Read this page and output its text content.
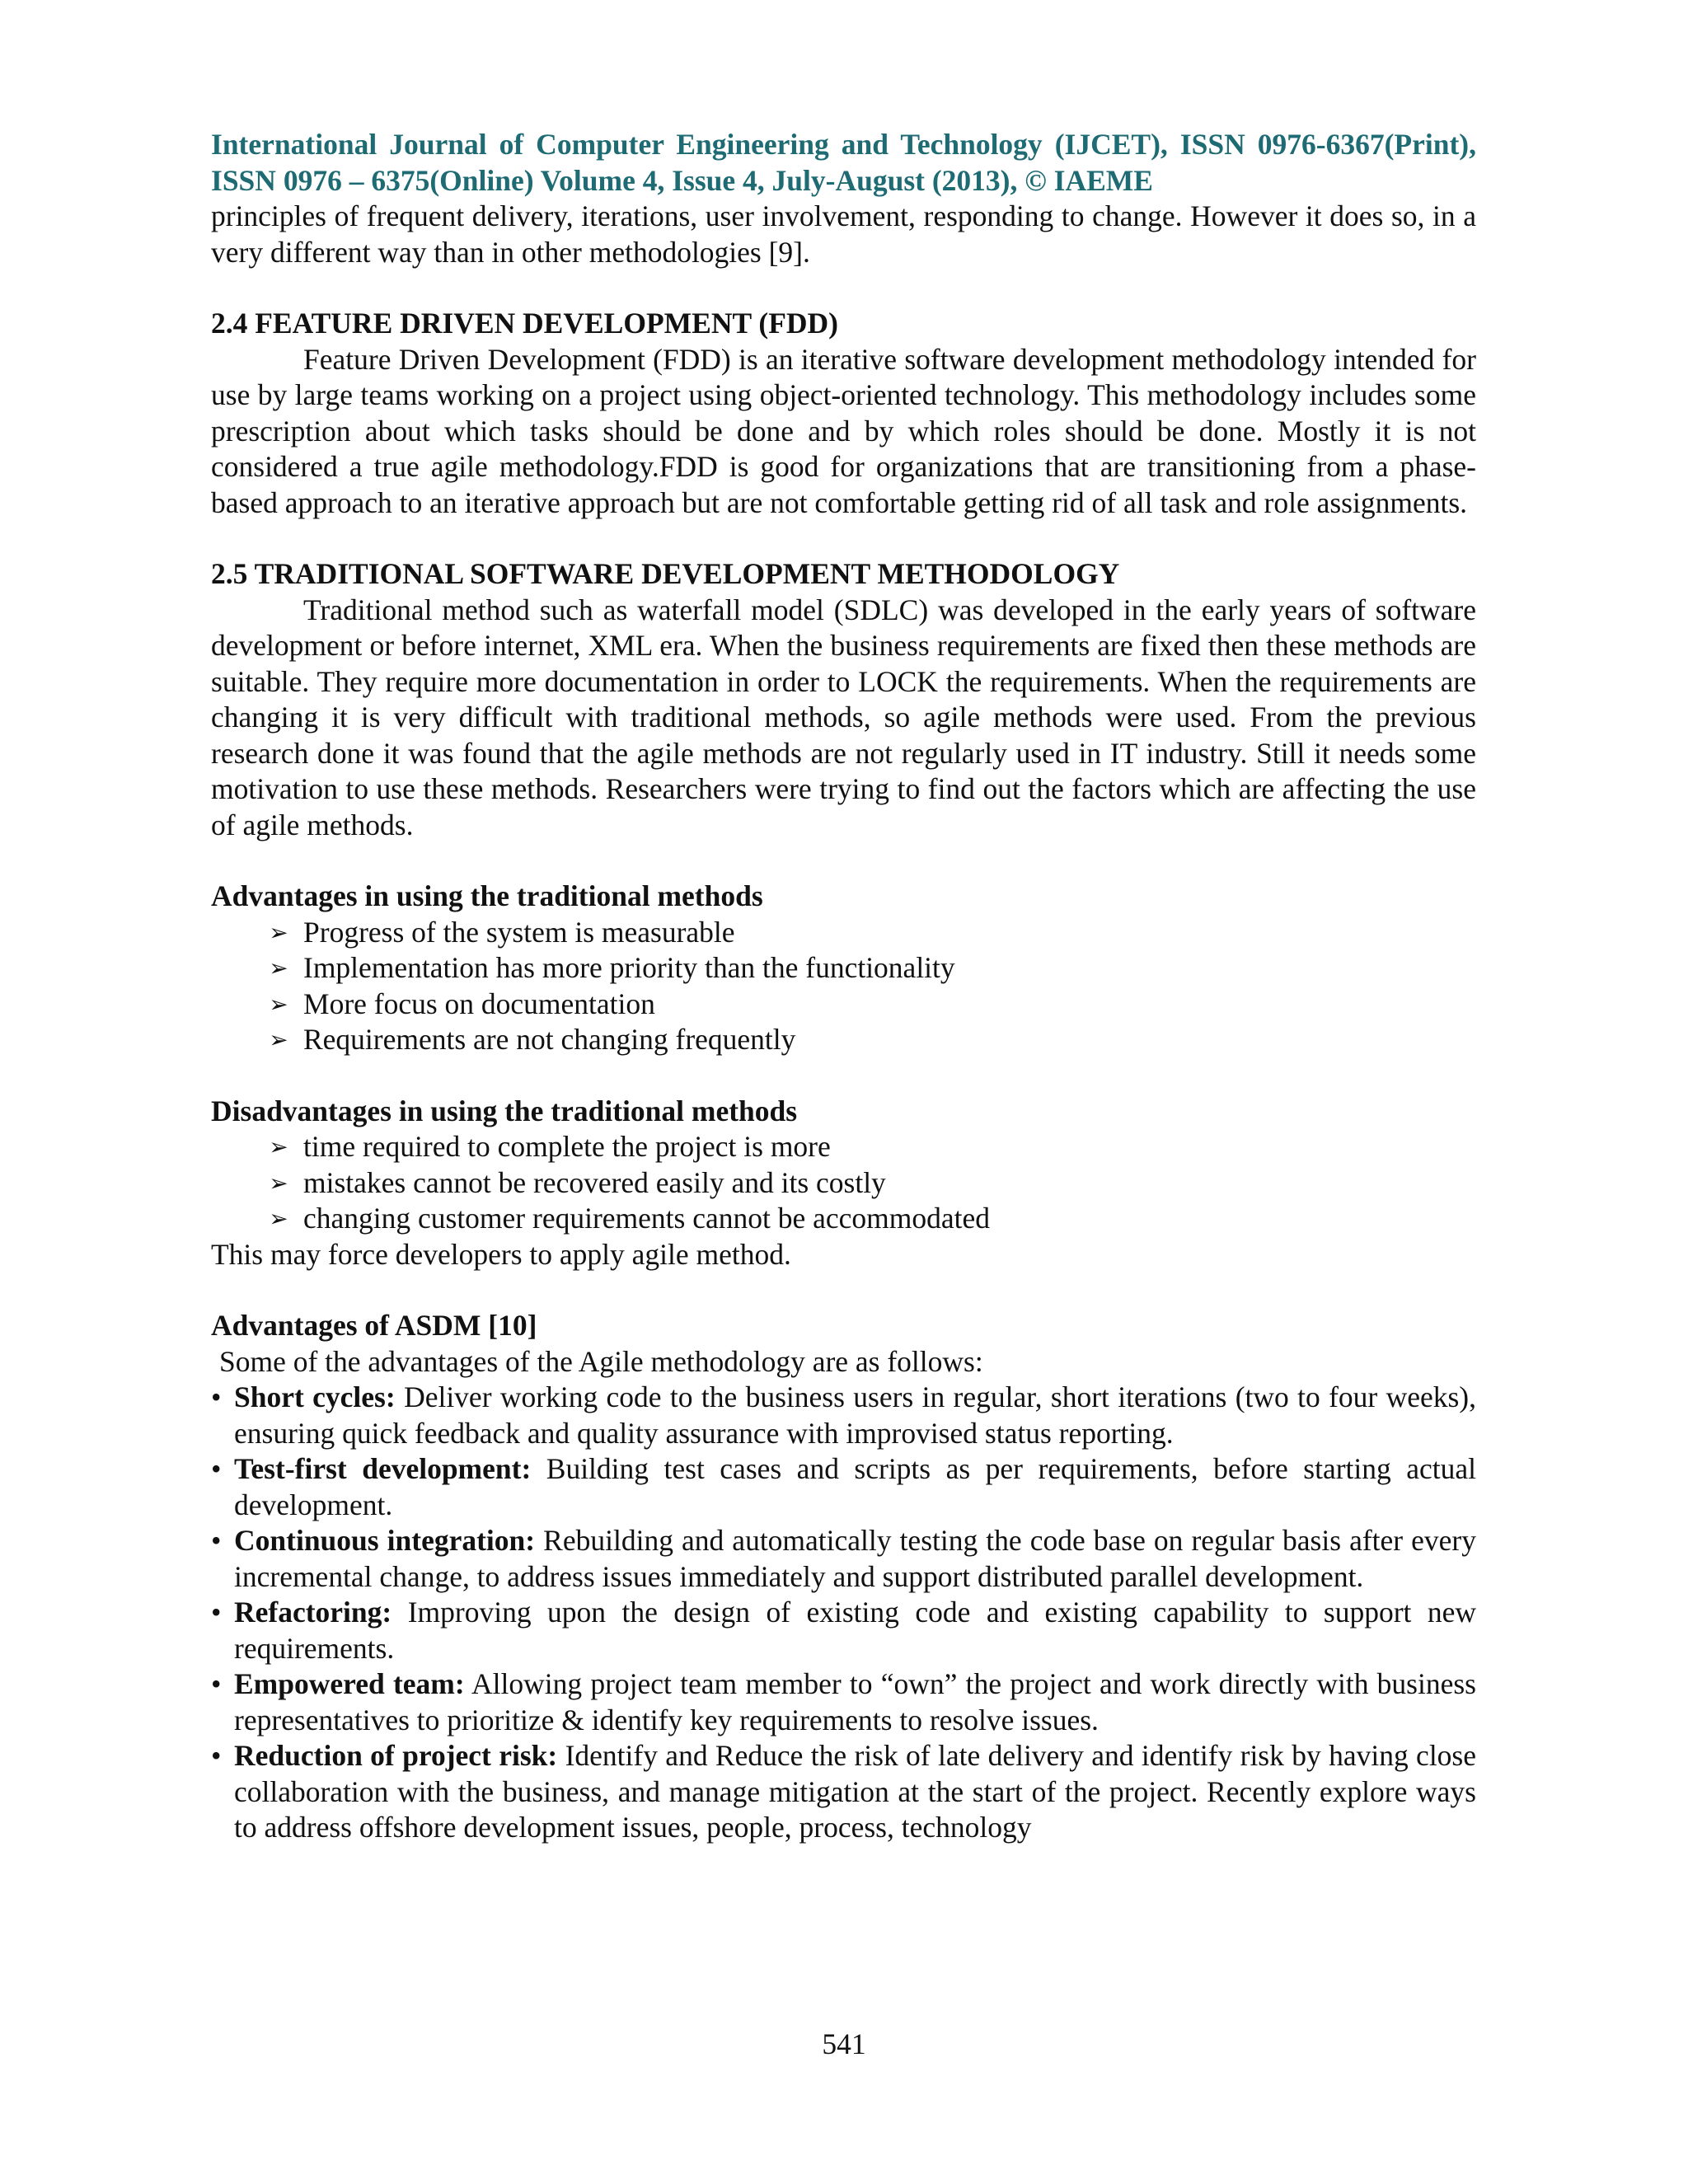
International Journal of Computer Engineering and Technology (IJCET), ISSN 0976-6367(Print), ISSN 0976 – 6375(Online) Volume 4, Issue 4, July-August (2013), © IAEME

principles of frequent delivery, iterations, user involvement, responding to change. However it does so, in a very different way than in other methodologies [9].

2.4 FEATURE DRIVEN DEVELOPMENT (FDD)

Feature Driven Development (FDD) is an iterative software development methodology intended for use by large teams working on a project using object-oriented technology. This methodology includes some prescription about which tasks should be done and by which roles should be done. Mostly it is not considered a true agile methodology.FDD is good for organizations that are transitioning from a phase-based approach to an iterative approach but are not comfortable getting rid of all task and role assignments.

2.5 TRADITIONAL SOFTWARE DEVELOPMENT METHODOLOGY

Traditional method such as waterfall model (SDLC) was developed in the early years of software development or before internet, XML era. When the business requirements are fixed then these methods are suitable. They require more documentation in order to LOCK the requirements. When the requirements are changing it is very difficult with traditional methods, so agile methods were used. From the previous research done it was found that the agile methods are not regularly used in IT industry. Still it needs some motivation to use these methods. Researchers were trying to find out the factors which are affecting the use of agile methods.

Advantages in using the traditional methods
➢ Progress of the system is measurable
➢ Implementation has more priority than the functionality
➢ More focus on documentation
➢ Requirements are not changing frequently
Disadvantages in using the traditional methods
➢ time required to complete the project is more
➢ mistakes cannot be recovered easily and its costly
➢ changing customer requirements cannot be accommodated

This may force developers to apply agile method.

Advantages of ASDM [10]

Some of the advantages of the Agile methodology are as follows:

• Short cycles: Deliver working code to the business users in regular, short iterations (two to four weeks), ensuring quick feedback and quality assurance with improvised status reporting.
• Test-first development: Building test cases and scripts as per requirements, before starting actual development.
• Continuous integration: Rebuilding and automatically testing the code base on regular basis after every incremental change, to address issues immediately and support distributed parallel development.
• Refactoring: Improving upon the design of existing code and existing capability to support new requirements.
• Empowered team: Allowing project team member to “own” the project and work directly with business representatives to prioritize & identify key requirements to resolve issues.
• Reduction of project risk: Identify and Reduce the risk of late delivery and identify risk by having close collaboration with the business, and manage mitigation at the start of the project. Recently explore ways to address offshore development issues, people, process, technology
541
